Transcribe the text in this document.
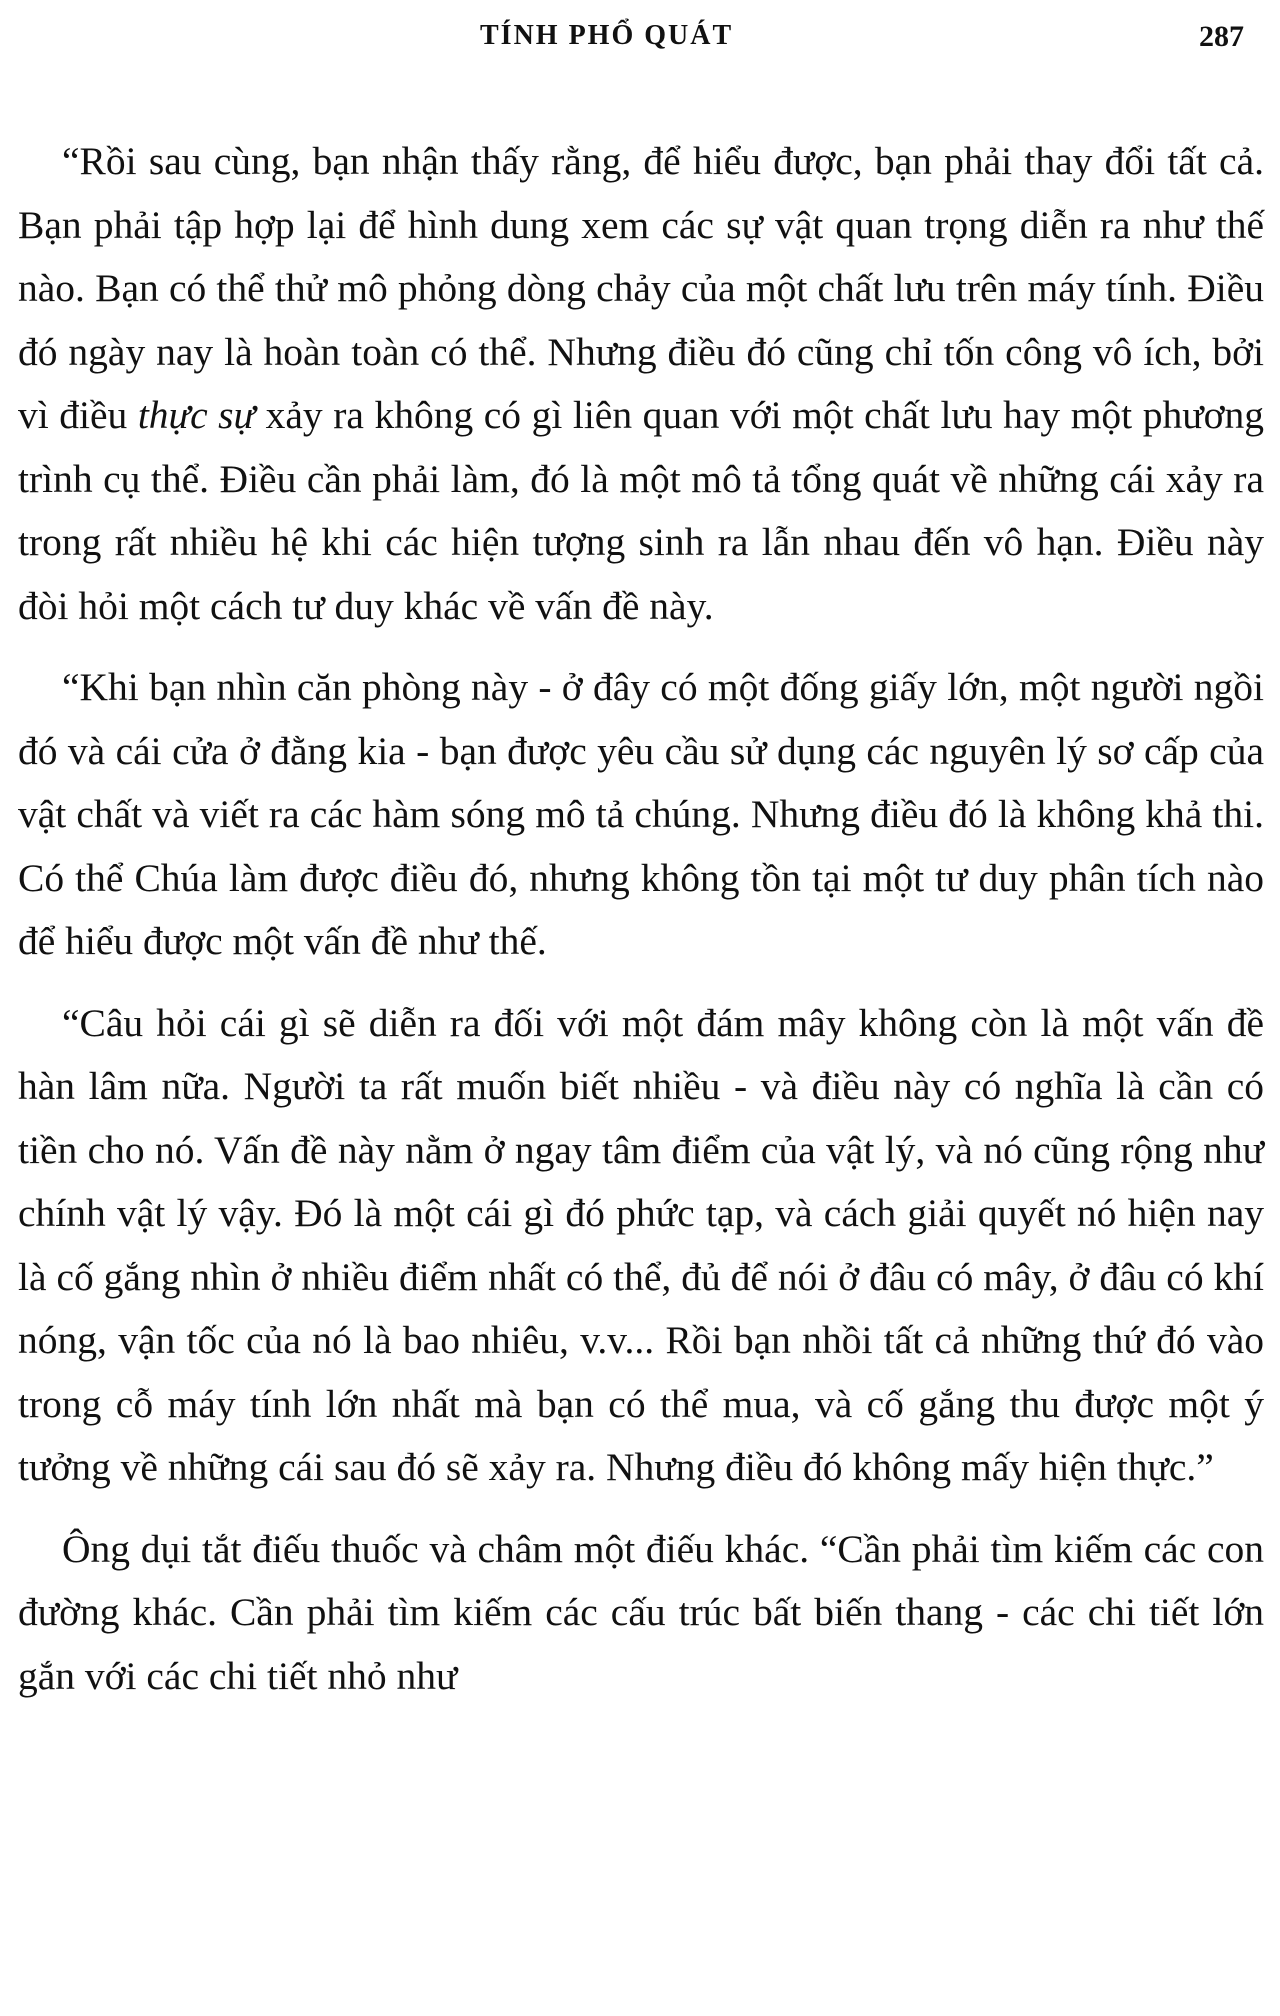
TÍNH PHỔ QUÁT	287

“Rồi sau cùng, bạn nhận thấy rằng, để hiểu được, bạn phải thay đổi tất cả. Bạn phải tập hợp lại để hình dung xem các sự vật quan trọng diễn ra như thế nào. Bạn có thể thử mô phỏng dòng chảy của một chất lưu trên máy tính. Điều đó ngày nay là hoàn toàn có thể. Nhưng điều đó cũng chỉ tốn công vô ích, bởi vì điều thực sự xảy ra không có gì liên quan với một chất lưu hay một phương trình cụ thể. Điều cần phải làm, đó là một mô tả tổng quát về những cái xảy ra trong rất nhiều hệ khi các hiện tượng sinh ra lẫn nhau đến vô hạn. Điều này đòi hỏi một cách tư duy khác về vấn đề này.

“Khi bạn nhìn căn phòng này - ở đây có một đống giấy lớn, một người ngồi đó và cái cửa ở đằng kia - bạn được yêu cầu sử dụng các nguyên lý sơ cấp của vật chất và viết ra các hàm sóng mô tả chúng. Nhưng điều đó là không khả thi. Có thể Chúa làm được điều đó, nhưng không tồn tại một tư duy phân tích nào để hiểu được một vấn đề như thế.

“Câu hỏi cái gì sẽ diễn ra đối với một đám mây không còn là một vấn đề hàn lâm nữa. Người ta rất muốn biết nhiều - và điều này có nghĩa là cần có tiền cho nó. Vấn đề này nằm ở ngay tâm điểm của vật lý, và nó cũng rộng như chính vật lý vậy. Đó là một cái gì đó phức tạp, và cách giải quyết nó hiện nay là cố gắng nhìn ở nhiều điểm nhất có thể, đủ để nói ở đâu có mây, ở đâu có khí nóng, vận tốc của nó là bao nhiêu, v.v... Rồi bạn nhồi tất cả những thứ đó vào trong cỗ máy tính lớn nhất mà bạn có thể mua, và cố gắng thu được một ý tưởng về những cái sau đó sẽ xảy ra. Nhưng điều đó không mấy hiện thực.”

Ông dụi tắt điếu thuốc và châm một điếu khác. “Cần phải tìm kiếm các con đường khác. Cần phải tìm kiếm các cấu trúc bất biến thang - các chi tiết lớn gắn với các chi tiết nhỏ như
